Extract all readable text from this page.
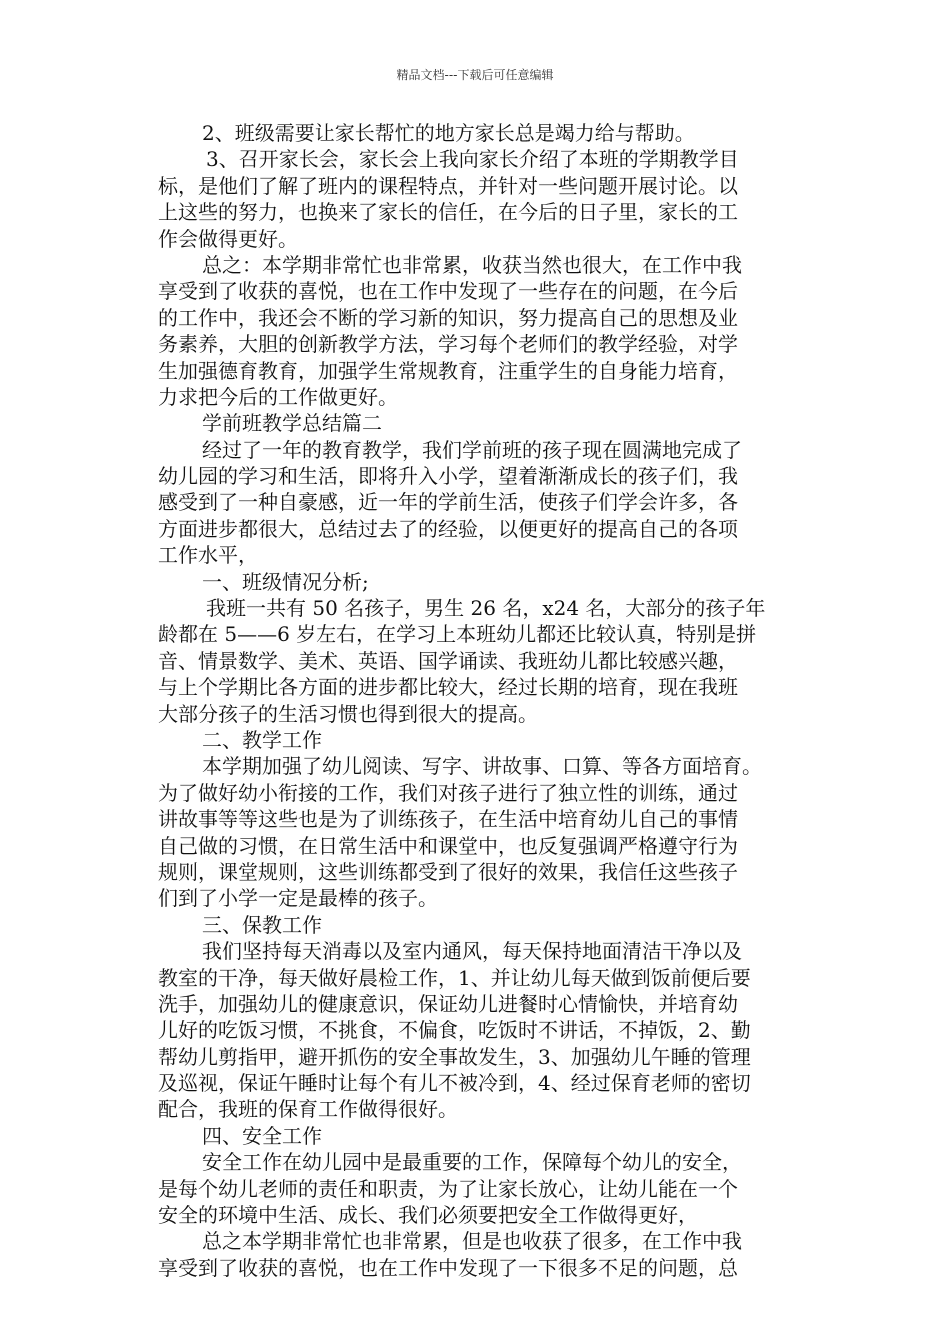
精品文档---下载后可任意编辑
2、班级需要让家长帮忙的地方家长总是竭力给与帮助。
3、召开家长会，家长会上我向家长介绍了本班的学期教学目
标，是他们了解了班内的课程特点，并针对一些问题开展讨论。以
上这些的努力，也换来了家长的信任，在今后的日子里，家长的工
作会做得更好。
总之：本学期非常忙也非常累，收获当然也很大，在工作中我
享受到了收获的喜悦，也在工作中发现了一些存在的问题，在今后
的工作中，我还会不断的学习新的知识，努力提高自己的思想及业
务素养，大胆的创新教学方法，学习每个老师们的教学经验，对学
生加强德育教育，加强学生常规教育，注重学生的自身能力培育，
力求把今后的工作做更好。
学前班教学总结篇二
经过了一年的教育教学，我们学前班的孩子现在圆满地完成了
幼儿园的学习和生活，即将升入小学，望着渐渐成长的孩子们，我
感受到了一种自豪感，近一年的学前生活，使孩子们学会许多，各
方面进步都很大，总结过去了的经验，以便更好的提高自己的各项
工作水平，
一、班级情况分析;
我班一共有 50 名孩子，男生 26 名，x24 名，大部分的孩子年
龄都在 5——6 岁左右，在学习上本班幼儿都还比较认真，特别是拼
音、情景数学、美术、英语、国学诵读、我班幼儿都比较感兴趣，
与上个学期比各方面的进步都比较大，经过长期的培育，现在我班
大部分孩子的生活习惯也得到很大的提高。
二、教学工作
本学期加强了幼儿阅读、写字、讲故事、口算、等各方面培育。
为了做好幼小衔接的工作，我们对孩子进行了独立性的训练，通过
讲故事等等这些也是为了训练孩子，在生活中培育幼儿自己的事情
自己做的习惯，在日常生活中和课堂中，也反复强调严格遵守行为
规则，课堂规则，这些训练都受到了很好的效果，我信任这些孩子
们到了小学一定是最棒的孩子。
三、保教工作
我们坚持每天消毒以及室内通风，每天保持地面清洁干净以及
教室的干净，每天做好晨检工作，1、并让幼儿每天做到饭前便后要
洗手，加强幼儿的健康意识，保证幼儿进餐时心情愉快，并培育幼
儿好的吃饭习惯，不挑食，不偏食，吃饭时不讲话，不掉饭，2、勤
帮幼儿剪指甲，避开抓伤的安全事故发生，3、加强幼儿午睡的管理
及巡视，保证午睡时让每个有儿不被冷到，4、经过保育老师的密切
配合，我班的保育工作做得很好。
四、安全工作
安全工作在幼儿园中是最重要的工作，保障每个幼儿的安全，
是每个幼儿老师的责任和职责，为了让家长放心，让幼儿能在一个
安全的环境中生活、成长、我们必须要把安全工作做得更好，
总之本学期非常忙也非常累，但是也收获了很多，在工作中我
享受到了收获的喜悦，也在工作中发现了一下很多不足的问题，总
